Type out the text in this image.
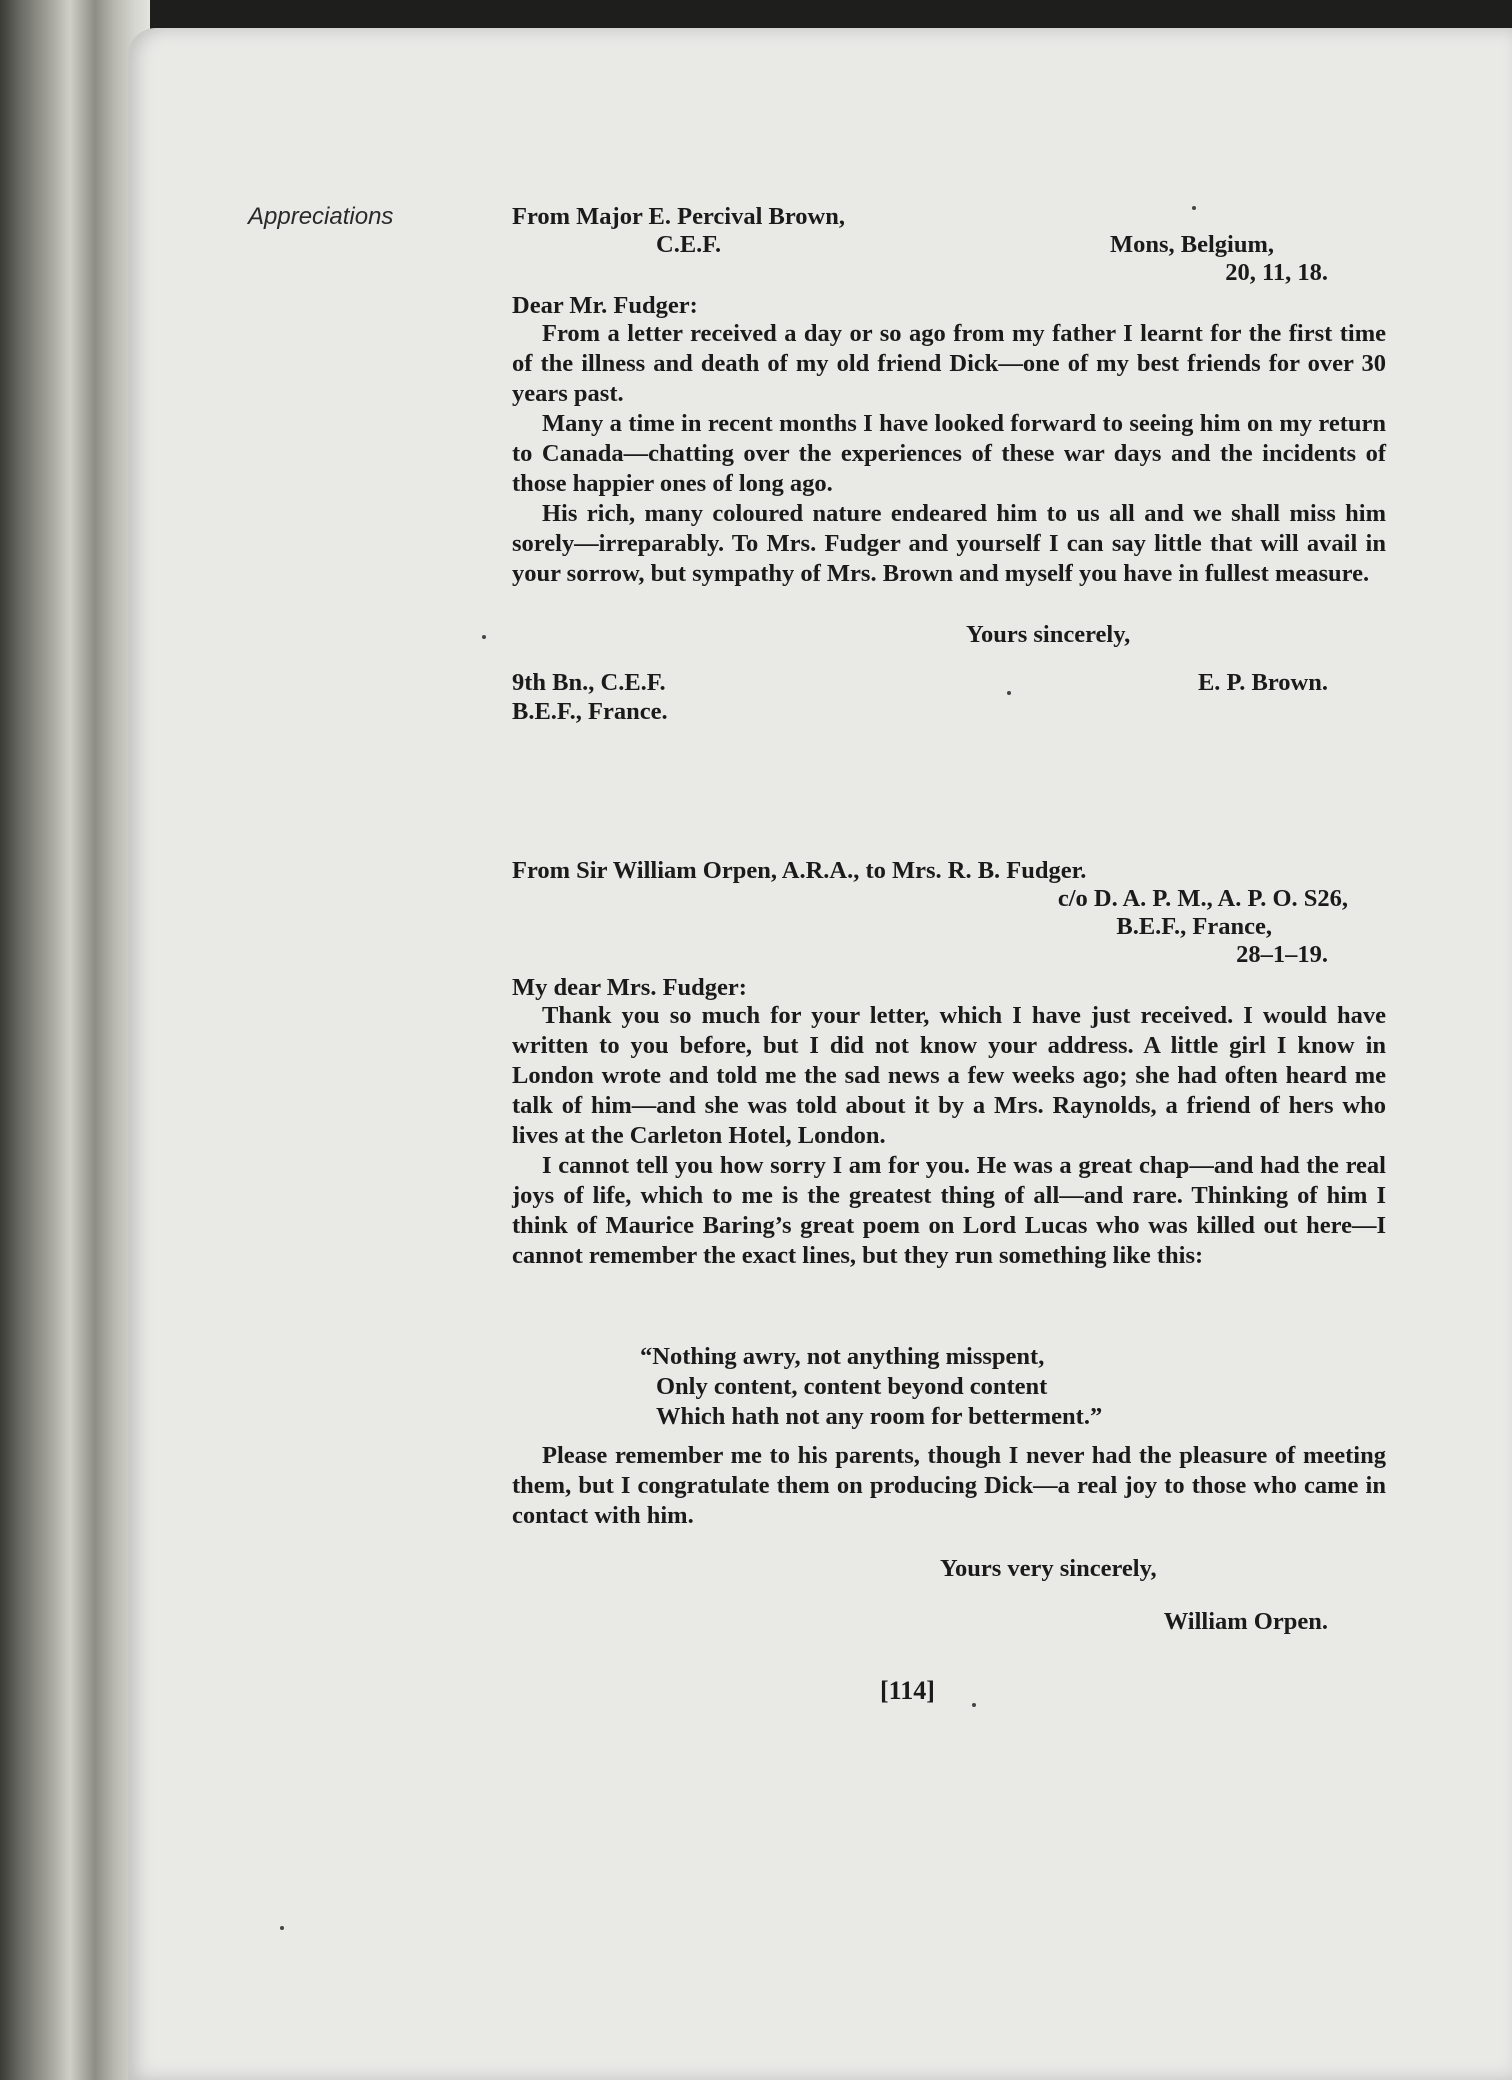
Appreciations	From Major E. Percival Brown,
C.E.F.	Mons, Belgium,
20, 11, 18.
Dear Mr. Fudger:

From a letter received a day or so ago from my father I learnt for the first time of the illness and death of my old friend Dick—one of my best friends for over 30 years past.

Many a time in recent months I have looked forward to seeing him on my return to Canada—chatting over the experiences of these war days and the incidents of those happier ones of long ago.

His rich, many coloured nature endeared him to us all and we shall miss him sorely—irreparably. To Mrs. Fudger and yourself I can say little that will avail in your sorrow, but sympathy of Mrs. Brown and myself you have in fullest measure.

Yours sincerely,
9th Bn., C.E.F.
B.E.F., France.
E. P. Brown.
From Sir William Orpen, A.R.A., to Mrs. R. B. Fudger.
c/o D. A. P. M., A. P. O. S26,
B.E.F., France,
28–1–19.
My dear Mrs. Fudger:

Thank you so much for your letter, which I have just received. I would have written to you before, but I did not know your address. A little girl I know in London wrote and told me the sad news a few weeks ago; she had often heard me talk of him—and she was told about it by a Mrs. Raynolds, a friend of hers who lives at the Carleton Hotel, London.

I cannot tell you how sorry I am for you. He was a great chap—and had the real joys of life, which to me is the greatest thing of all—and rare. Thinking of him I think of Maurice Baring’s great poem on Lord Lucas who was killed out here—I cannot remember the exact lines, but they run something like this:

“Nothing awry, not anything misspent,
Only content, content beyond content
Which hath not any room for betterment.”

Please remember me to his parents, though I never had the pleasure of meeting them, but I congratulate them on producing Dick—a real joy to those who came in contact with him.

Yours very sincerely,
William Orpen.
[114]
